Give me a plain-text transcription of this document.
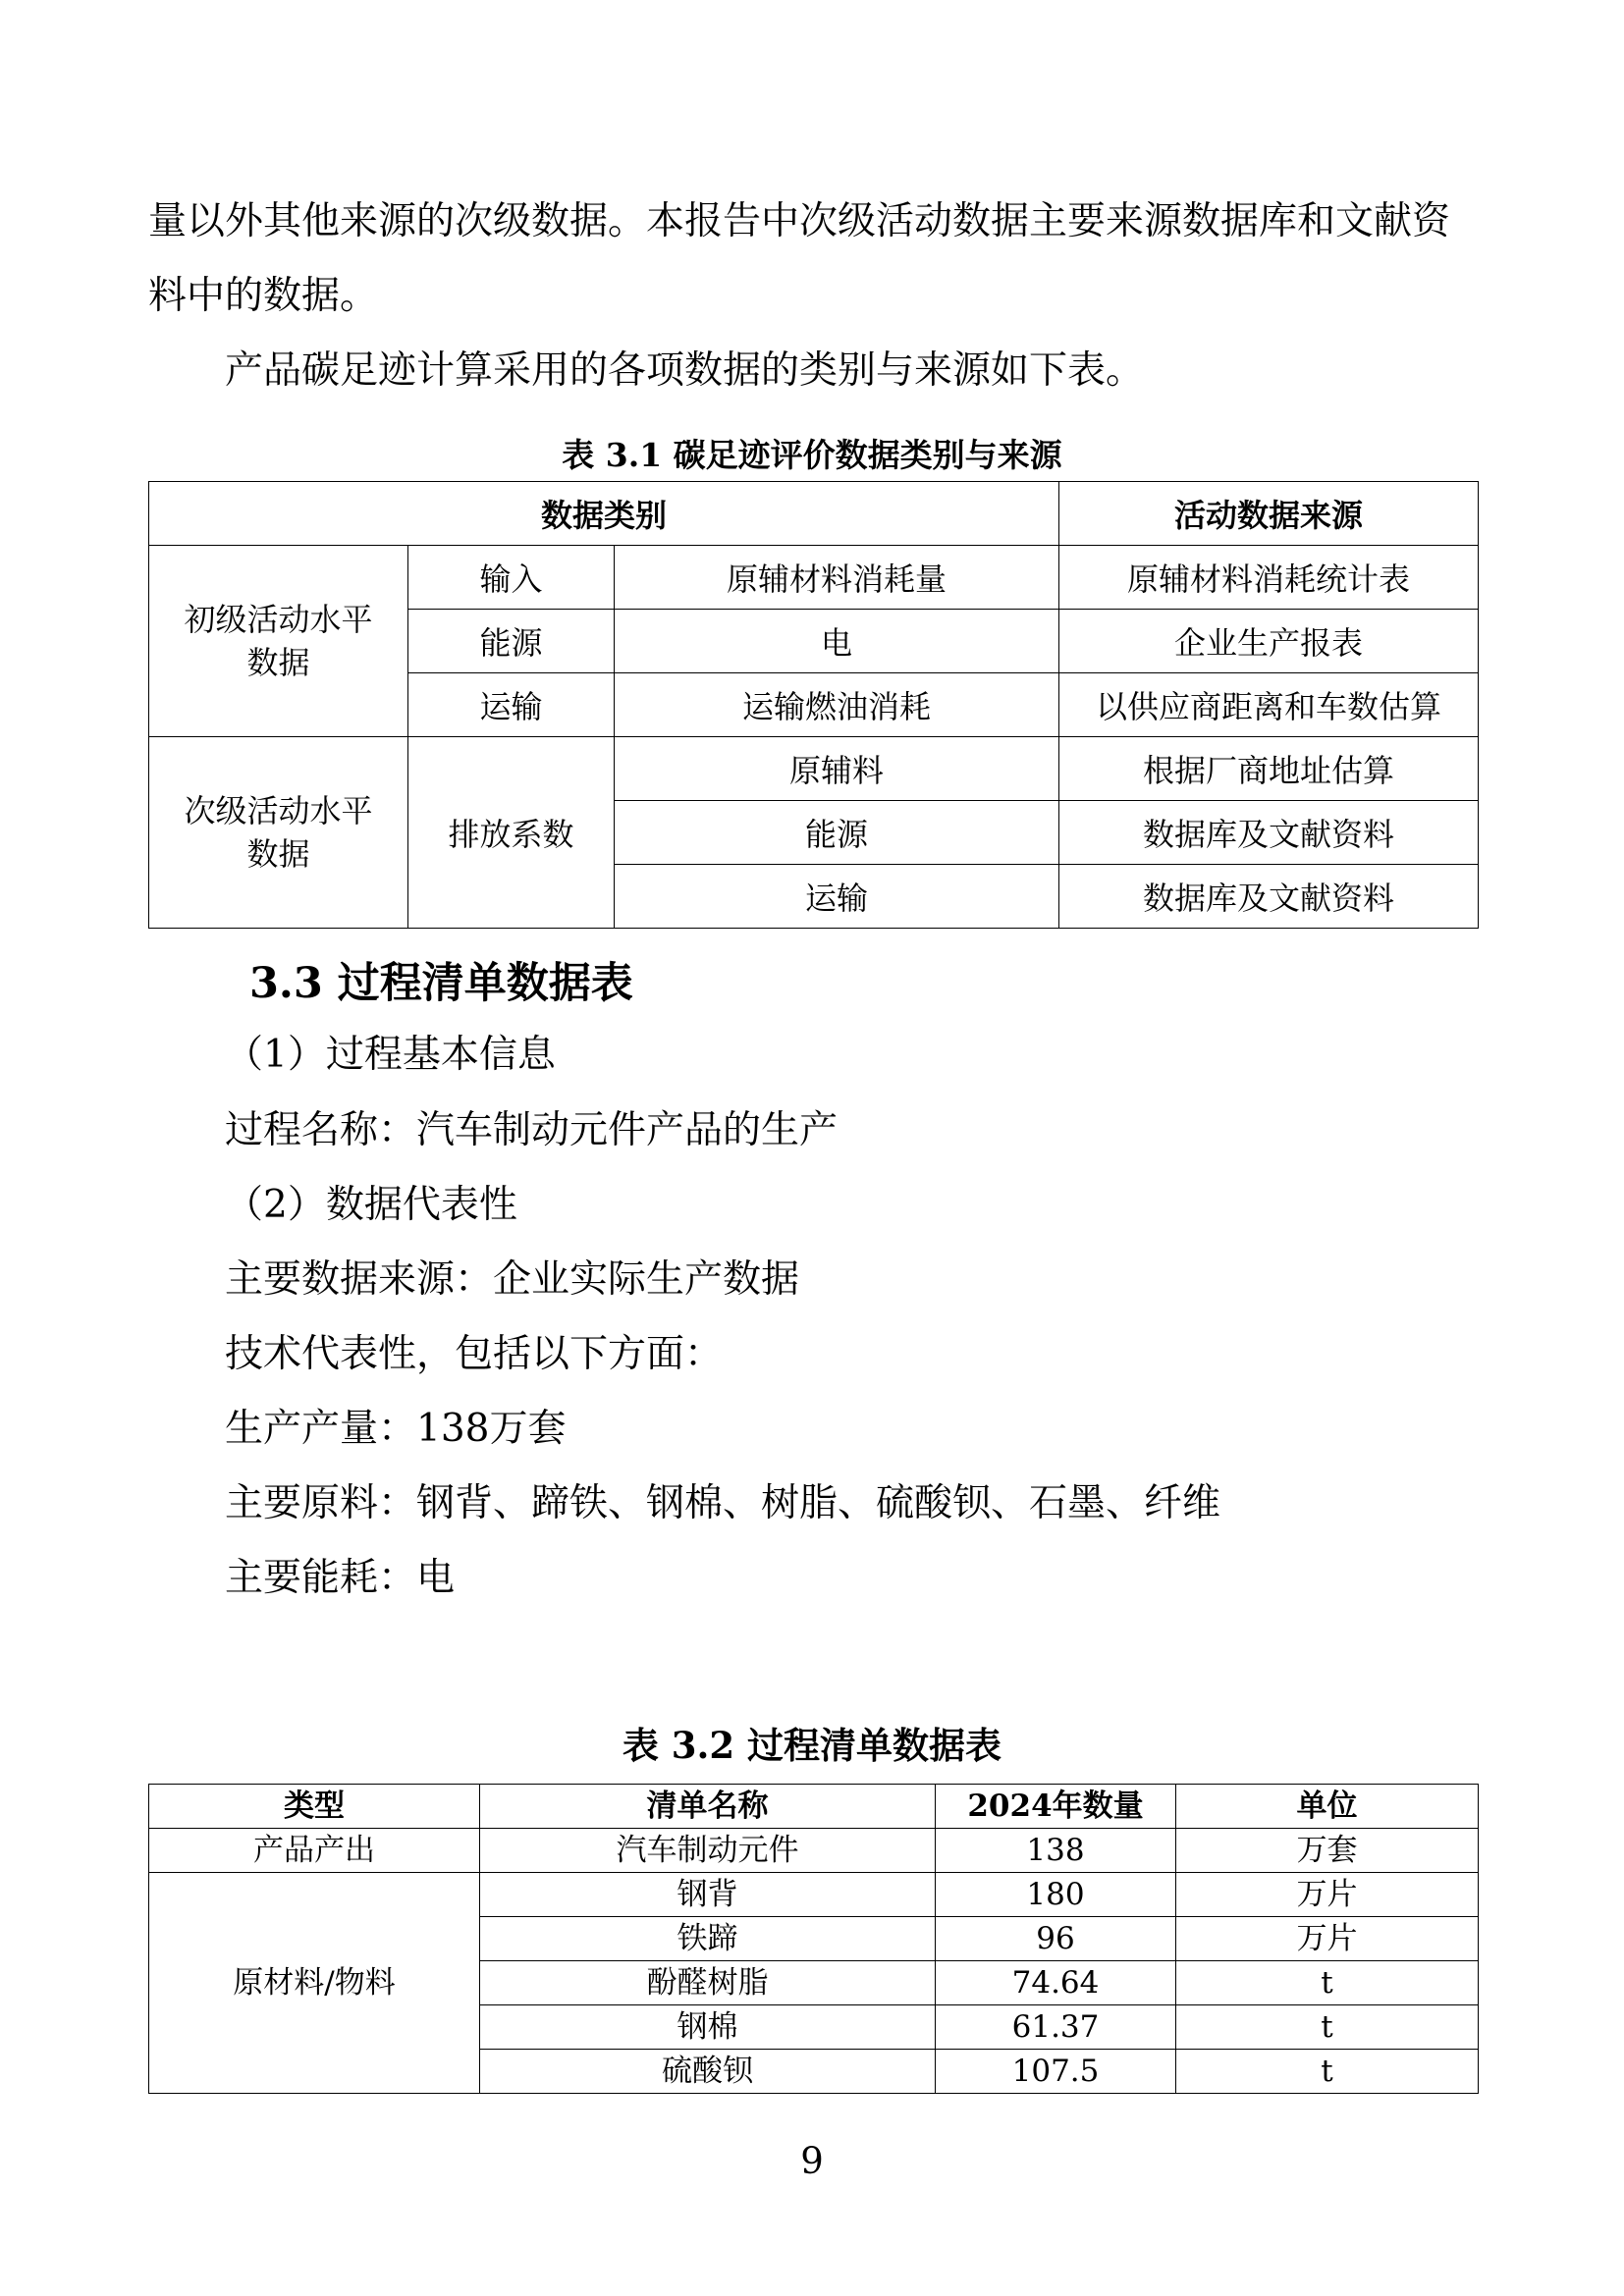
量以外其他来源的次级数据。本报告中次级活动数据主要来源数据库和文献资
料中的数据。
产品碳足迹计算采用的各项数据的类别与来源如下表。
表 3.1 碳足迹评价数据类别与来源
数据类别			活动数据来源
初级活动水平
数据	输入	原辅材料消耗量	原辅材料消耗统计表
	能源	电	企业生产报表
	运输	运输燃油消耗	以供应商距离和车数估算
次级活动水平
数据	排放系数	原辅料	根据厂商地址估算
		能源	数据库及文献资料
		运输	数据库及文献资料
3.3 过程清单数据表
（1）过程基本信息
过程名称：汽车制动元件产品的生产
（2）数据代表性
主要数据来源：企业实际生产数据
技术代表性，包括以下方面：
生产产量：138万套
主要原料：钢背、蹄铁、钢棉、树脂、硫酸钡、石墨、纤维
主要能耗：电
表 3.2 过程清单数据表
类型	清单名称	2024年数量	单位
产品产出	汽车制动元件	138	万套
原材料/物料	钢背	180	万片
	铁蹄	96	万片
	酚醛树脂	74.64	t
	钢棉	61.37	t
	硫酸钡	107.5	t
9
